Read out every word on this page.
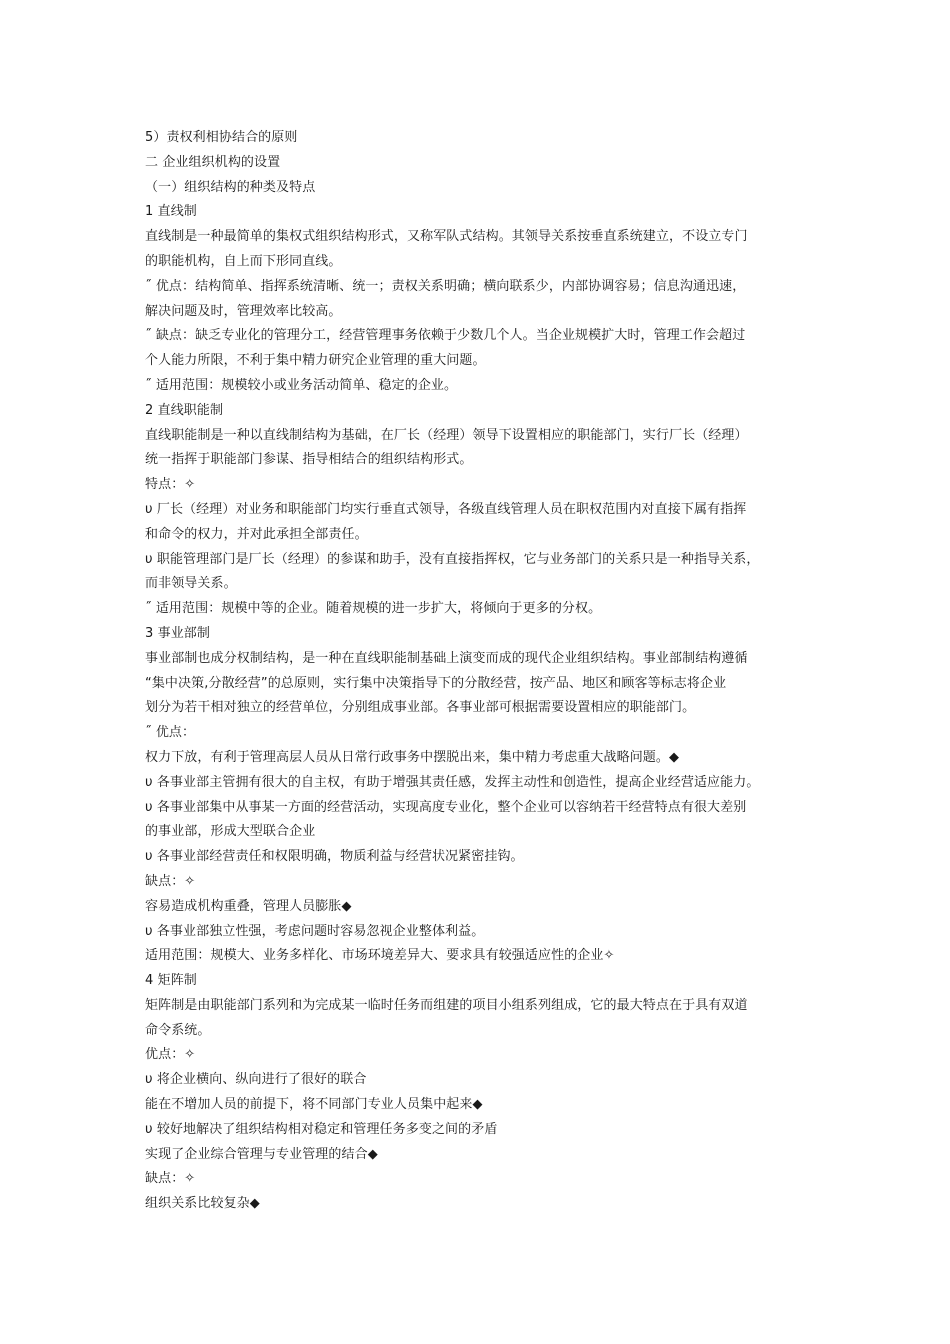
5）责权利相协结合的原则
二 企业组织机构的设置
（一）组织结构的种类及特点
1 直线制
直线制是一种最简单的集权式组织结构形式，又称军队式结构。其领导关系按垂直系统建立，不设立专门
的职能机构，自上而下形同直线。
˝ 优点：结构简单、指挥系统清晰、统一；责权关系明确；横向联系少，内部协调容易；信息沟通迅速，
解决问题及时，管理效率比较高。
˝ 缺点：缺乏专业化的管理分工，经营管理事务依赖于少数几个人。当企业规模扩大时，管理工作会超过
个人能力所限，不利于集中精力研究企业管理的重大问题。
˝ 适用范围：规模较小或业务活动简单、稳定的企业。
2 直线职能制
直线职能制是一种以直线制结构为基础，在厂长（经理）领导下设置相应的职能部门，实行厂长（经理）
统一指挥于职能部门参谋、指导相结合的组织结构形式。
特点：✧
υ 厂长（经理）对业务和职能部门均实行垂直式领导，各级直线管理人员在职权范围内对直接下属有指挥
和命令的权力，并对此承担全部责任。
υ 职能管理部门是厂长（经理）的参谋和助手，没有直接指挥权，它与业务部门的关系只是一种指导关系，
而非领导关系。
˝ 适用范围：规模中等的企业。随着规模的进一步扩大，将倾向于更多的分权。
3 事业部制
事业部制也成分权制结构，是一种在直线职能制基础上演变而成的现代企业组织结构。事业部制结构遵循
“集中决策,分散经营”的总原则，实行集中决策指导下的分散经营，按产品、地区和顾客等标志将企业
划分为若干相对独立的经营单位，分别组成事业部。各事业部可根据需要设置相应的职能部门。
˝ 优点：
权力下放，有利于管理高层人员从日常行政事务中摆脱出来，集中精力考虑重大战略问题。◆
υ 各事业部主管拥有很大的自主权，有助于增强其责任感，发挥主动性和创造性，提高企业经营适应能力。
υ 各事业部集中从事某一方面的经营活动，实现高度专业化，整个企业可以容纳若干经营特点有很大差别
的事业部，形成大型联合企业
υ 各事业部经营责任和权限明确，物质利益与经营状况紧密挂钩。
缺点：✧
容易造成机构重叠，管理人员膨胀◆
υ 各事业部独立性强，考虑问题时容易忽视企业整体利益。
适用范围：规模大、业务多样化、市场环境差异大、要求具有较强适应性的企业✧
4 矩阵制
矩阵制是由职能部门系列和为完成某一临时任务而组建的项目小组系列组成，它的最大特点在于具有双道
命令系统。
优点：✧
υ 将企业横向、纵向进行了很好的联合
能在不增加人员的前提下，将不同部门专业人员集中起来◆
υ 较好地解决了组织结构相对稳定和管理任务多变之间的矛盾
实现了企业综合管理与专业管理的结合◆
缺点：✧
组织关系比较复杂◆
